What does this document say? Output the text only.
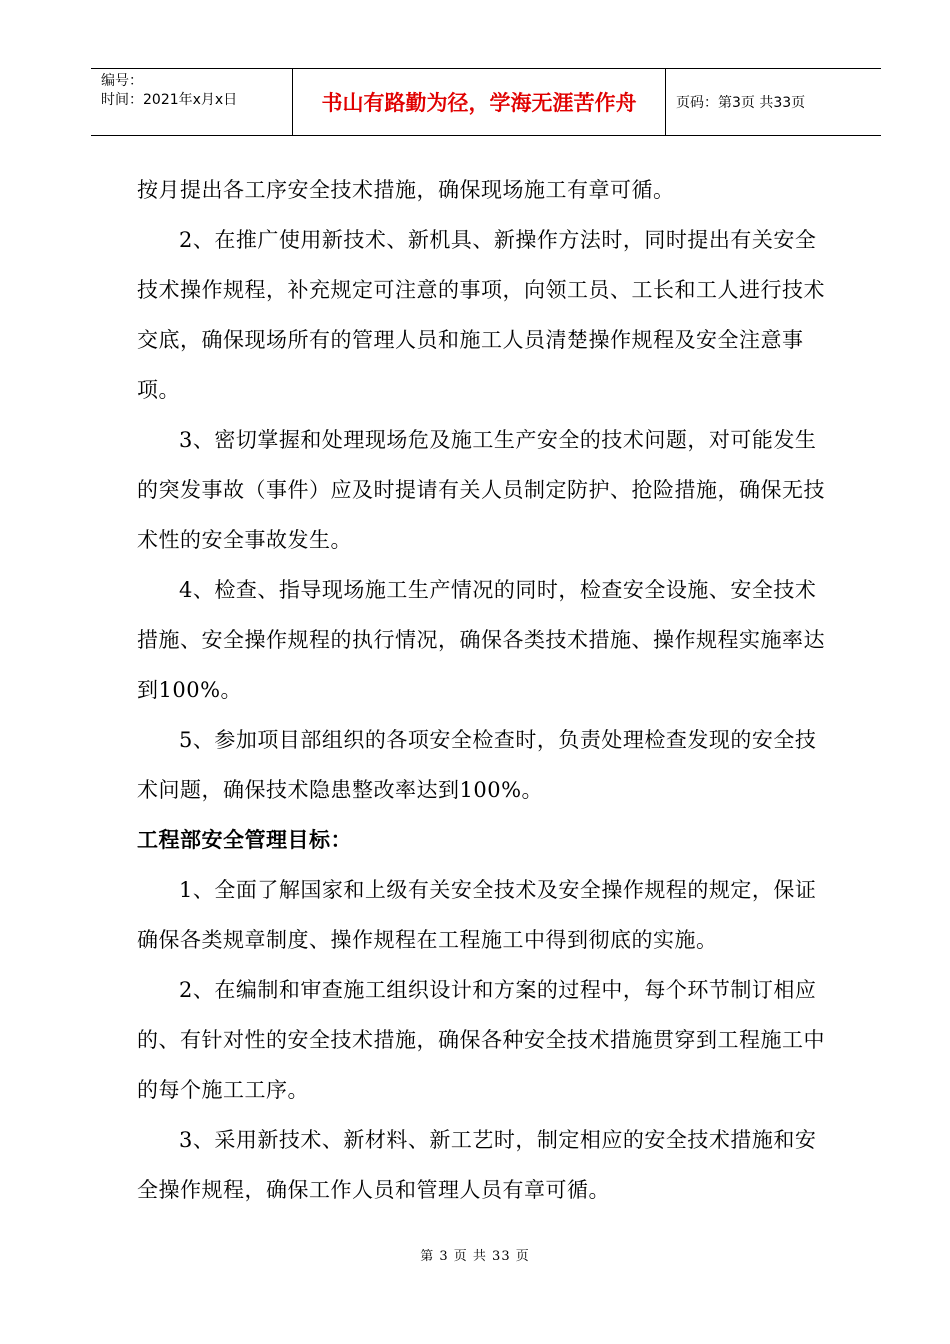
编号：
时间：2021年x月x日	书山有路勤为径，学海无涯苦作舟	页码：第3页 共33页

按月提出各工序安全技术措施，确保现场施工有章可循。

2、在推广使用新技术、新机具、新操作方法时，同时提出有关安全技术操作规程，补充规定可注意的事项，向领工员、工长和工人进行技术交底，确保现场所有的管理人员和施工人员清楚操作规程及安全注意事项。

3、密切掌握和处理现场危及施工生产安全的技术问题，对可能发生的突发事故（事件）应及时提请有关人员制定防护、抢险措施，确保无技术性的安全事故发生。

4、检查、指导现场施工生产情况的同时，检查安全设施、安全技术措施、安全操作规程的执行情况，确保各类技术措施、操作规程实施率达到100%。

5、参加项目部组织的各项安全检查时，负责处理检查发现的安全技术问题，确保技术隐患整改率达到100%。

工程部安全管理目标：

1、全面了解国家和上级有关安全技术及安全操作规程的规定，保证确保各类规章制度、操作规程在工程施工中得到彻底的实施。

2、在编制和审查施工组织设计和方案的过程中，每个环节制订相应的、有针对性的安全技术措施，确保各种安全技术措施贯穿到工程施工中的每个施工工序。

3、采用新技术、新材料、新工艺时，制定相应的安全技术措施和安全操作规程，确保工作人员和管理人员有章可循。

第 3 页 共 33 页
